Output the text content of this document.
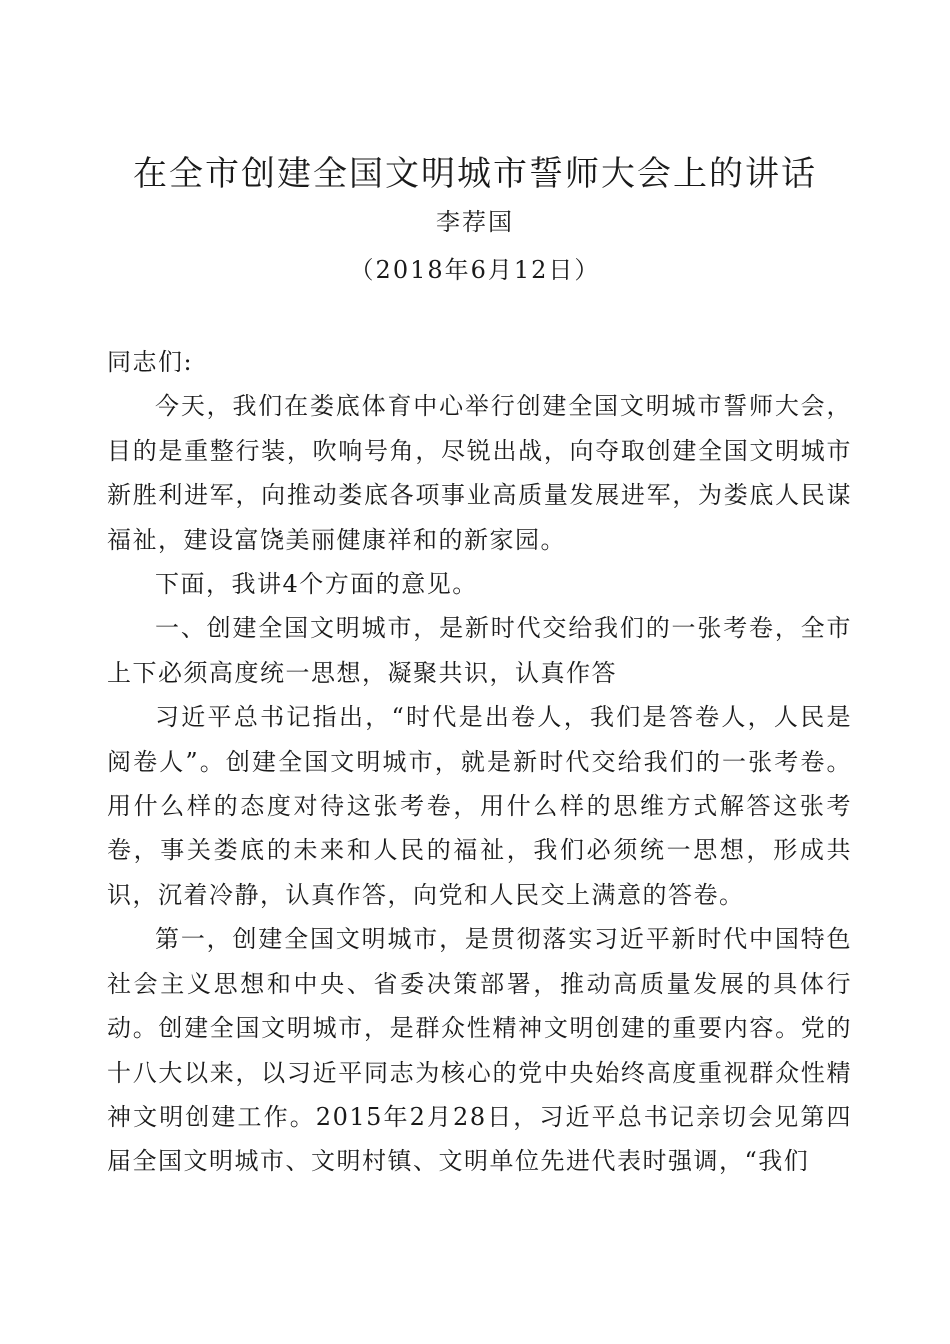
在全市创建全国文明城市誓师大会上的讲话
李荐国
（2018年6月12日）

同志们:

今天，我们在娄底体育中心举行创建全国文明城市誓师大会，目的是重整行装，吹响号角，尽锐出战，向夺取创建全国文明城市新胜利进军，向推动娄底各项事业高质量发展进军，为娄底人民谋福祉，建设富饶美丽健康祥和的新家园。

下面，我讲4个方面的意见。

一、创建全国文明城市，是新时代交给我们的一张考卷，全市上下必须高度统一思想，凝聚共识，认真作答

习近平总书记指出，“时代是出卷人，我们是答卷人，人民是阅卷人”。创建全国文明城市，就是新时代交给我们的一张考卷。用什么样的态度对待这张考卷，用什么样的思维方式解答这张考卷，事关娄底的未来和人民的福祉，我们必须统一思想，形成共识，沉着冷静，认真作答，向党和人民交上满意的答卷。

第一，创建全国文明城市，是贯彻落实习近平新时代中国特色社会主义思想和中央、省委决策部署，推动高质量发展的具体行动。创建全国文明城市，是群众性精神文明创建的重要内容。党的十八大以来，以习近平同志为核心的党中央始终高度重视群众性精神文明创建工作。2015年2月28日，习近平总书记亲切会见第四届全国文明城市、文明村镇、文明单位先进代表时强调，“我们
